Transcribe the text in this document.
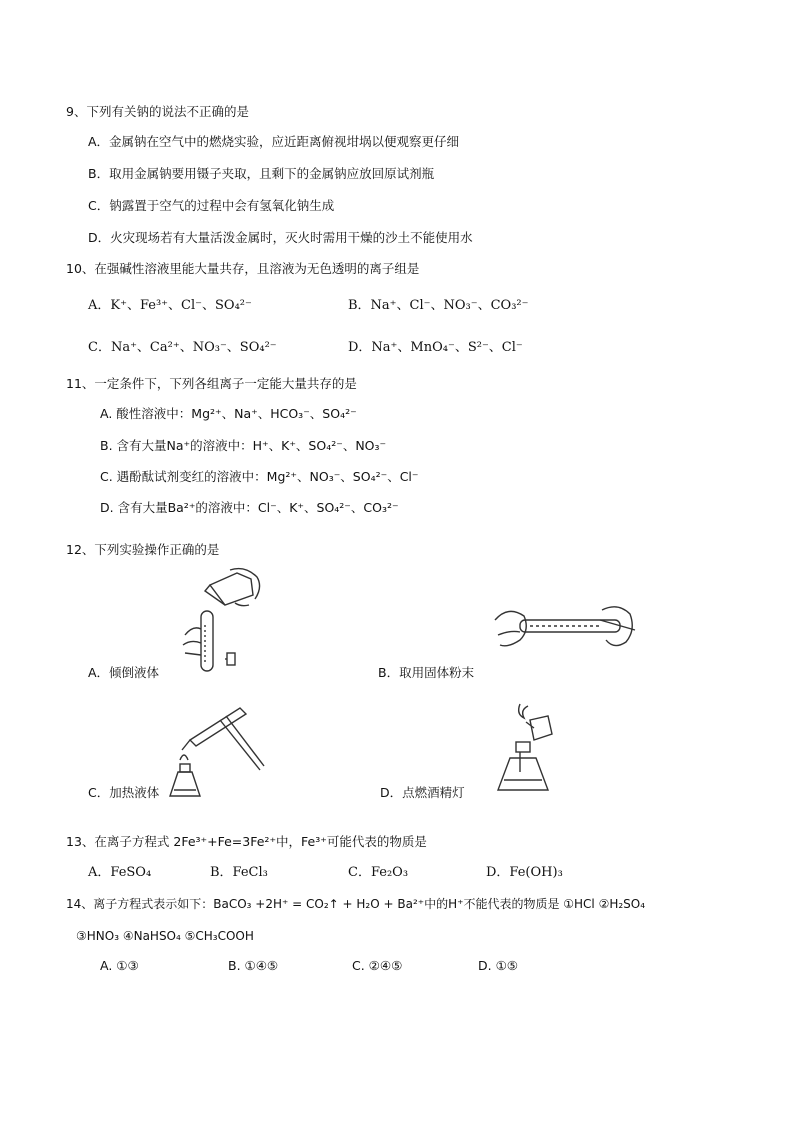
9、下列有关钠的说法不正确的是
A．金属钠在空气中的燃烧实验，应近距离俯视坩埚以便观察更仔细
B．取用金属钠要用镊子夹取，且剩下的金属钠应放回原试剂瓶
C．钠露置于空气的过程中会有氢氧化钠生成
D．火灾现场若有大量活泼金属时，灭火时需用干燥的沙土不能使用水
10、在强碱性溶液里能大量共存，且溶液为无色透明的离子组是
A．K⁺、Fe³⁺、Cl⁻、SO₄²⁻	B．Na⁺、Cl⁻、NO₃⁻、CO₃²⁻
C．Na⁺、Ca²⁺、NO₃⁻、SO₄²⁻	D．Na⁺、MnO₄⁻、S²⁻、Cl⁻
11、一定条件下，下列各组离子一定能大量共存的是
A. 酸性溶液中：Mg²⁺、Na⁺、HCO₃⁻、SO₄²⁻
B. 含有大量Na⁺的溶液中：H⁺、K⁺、SO₄²⁻、NO₃⁻
C. 遇酚酞试剂变红的溶液中：Mg²⁺、NO₃⁻、SO₄²⁻、Cl⁻
D. 含有大量Ba²⁺的溶液中：Cl⁻、K⁺、SO₄²⁻、CO₃²⁻
12、下列实验操作正确的是
A．倾倒液体	B．取用固体粉末
C．加热液体	D．点燃酒精灯
13、在离子方程式 2Fe³⁺+Fe=3Fe²⁺中，Fe³⁺可能代表的物质是
A．FeSO₄	B．FeCl₃	C．Fe₂O₃	D．Fe(OH)₃
14、离子方程式表示如下：BaCO₃ +2H⁺ = CO₂↑ + H₂O + Ba²⁺中的H⁺不能代表的物质是 ①HCl ②H₂SO₄
③HNO₃ ④NaHSO₄ ⑤CH₃COOH
A. ①③	B. ①④⑤	C. ②④⑤	D. ①⑤
